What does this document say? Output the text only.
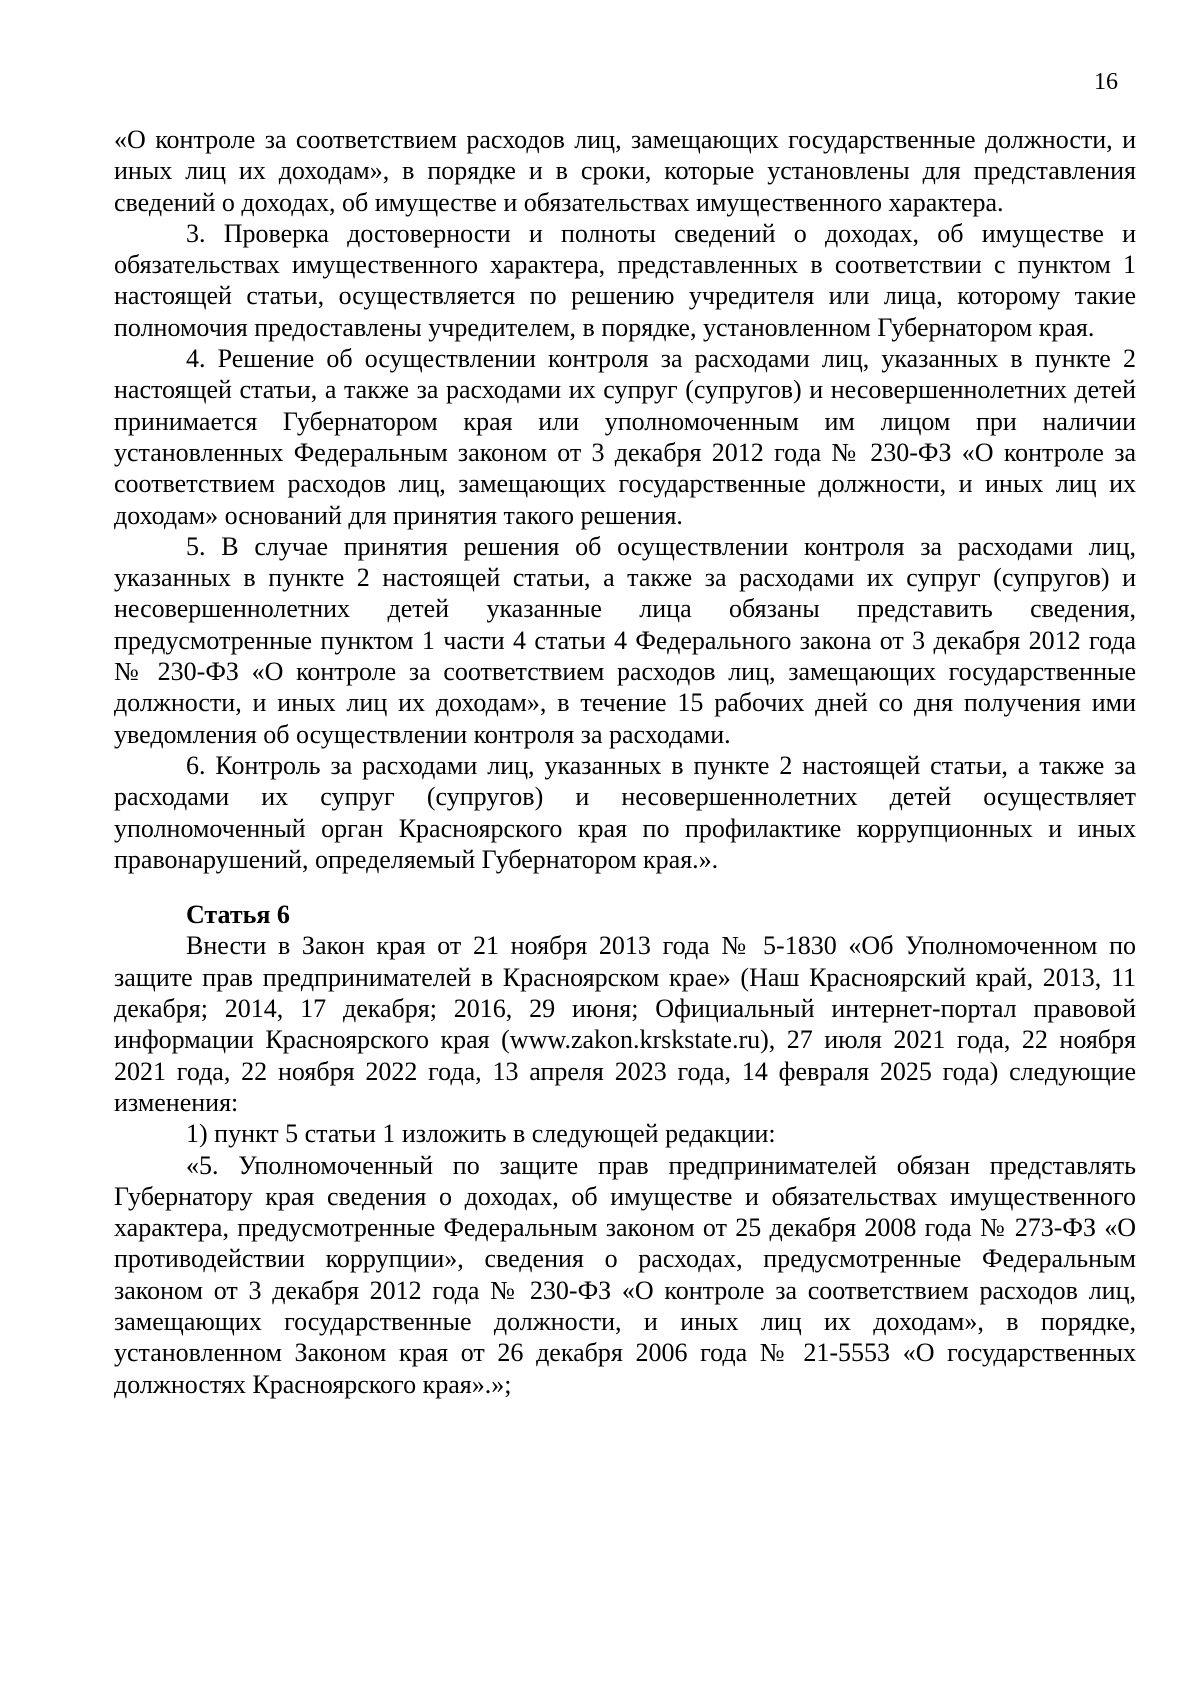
16

«О контроле за соответствием расходов лиц, замещающих государственные должности, и иных лиц их доходам», в порядке и в сроки, которые установлены для представления сведений о доходах, об имуществе и обязательствах имущественного характера.

3. Проверка достоверности и полноты сведений о доходах, об имуществе и обязательствах имущественного характера, представленных в соответствии с пунктом 1 настоящей статьи, осуществляется по решению учредителя или лица, которому такие полномочия предоставлены учредителем, в порядке, установленном Губернатором края.

4. Решение об осуществлении контроля за расходами лиц, указанных в пункте 2 настоящей статьи, а также за расходами их супруг (супругов) и несовершеннолетних детей принимается Губернатором края или уполномоченным им лицом при наличии установленных Федеральным законом от 3 декабря 2012 года № 230-ФЗ «О контроле за соответствием расходов лиц, замещающих государственные должности, и иных лиц их доходам» оснований для принятия такого решения.

5. В случае принятия решения об осуществлении контроля за расходами лиц, указанных в пункте 2 настоящей статьи, а также за расходами их супруг (супругов) и несовершеннолетних детей указанные лица обязаны представить сведения, предусмотренные пунктом 1 части 4 статьи 4 Федерального закона от 3 декабря 2012 года № 230-ФЗ «О контроле за соответствием расходов лиц, замещающих государственные должности, и иных лиц их доходам», в течение 15 рабочих дней со дня получения ими уведомления об осуществлении контроля за расходами.

6. Контроль за расходами лиц, указанных в пункте 2 настоящей статьи, а также за расходами их супруг (супругов) и несовершеннолетних детей осуществляет уполномоченный орган Красноярского края по профилактике коррупционных и иных правонарушений, определяемый Губернатором края.».

Статья 6

Внести в Закон края от 21 ноября 2013 года № 5-1830 «Об Уполномоченном по защите прав предпринимателей в Красноярском крае» (Наш Красноярский край, 2013, 11 декабря; 2014, 17 декабря; 2016, 29 июня; Официальный интернет-портал правовой информации Красноярского края (www.zakon.krskstate.ru), 27 июля 2021 года, 22 ноября 2021 года, 22 ноября 2022 года, 13 апреля 2023 года, 14 февраля 2025 года) следующие изменения:

1) пункт 5 статьи 1 изложить в следующей редакции:

«5. Уполномоченный по защите прав предпринимателей обязан представлять Губернатору края сведения о доходах, об имуществе и обязательствах имущественного характера, предусмотренные Федеральным законом от 25 декабря 2008 года № 273-ФЗ «О противодействии коррупции», сведения о расходах, предусмотренные Федеральным законом от 3 декабря 2012 года № 230-ФЗ «О контроле за соответствием расходов лиц, замещающих государственные должности, и иных лиц их доходам», в порядке, установленном Законом края от 26 декабря 2006 года № 21-5553 «О государственных должностях Красноярского края».»;
